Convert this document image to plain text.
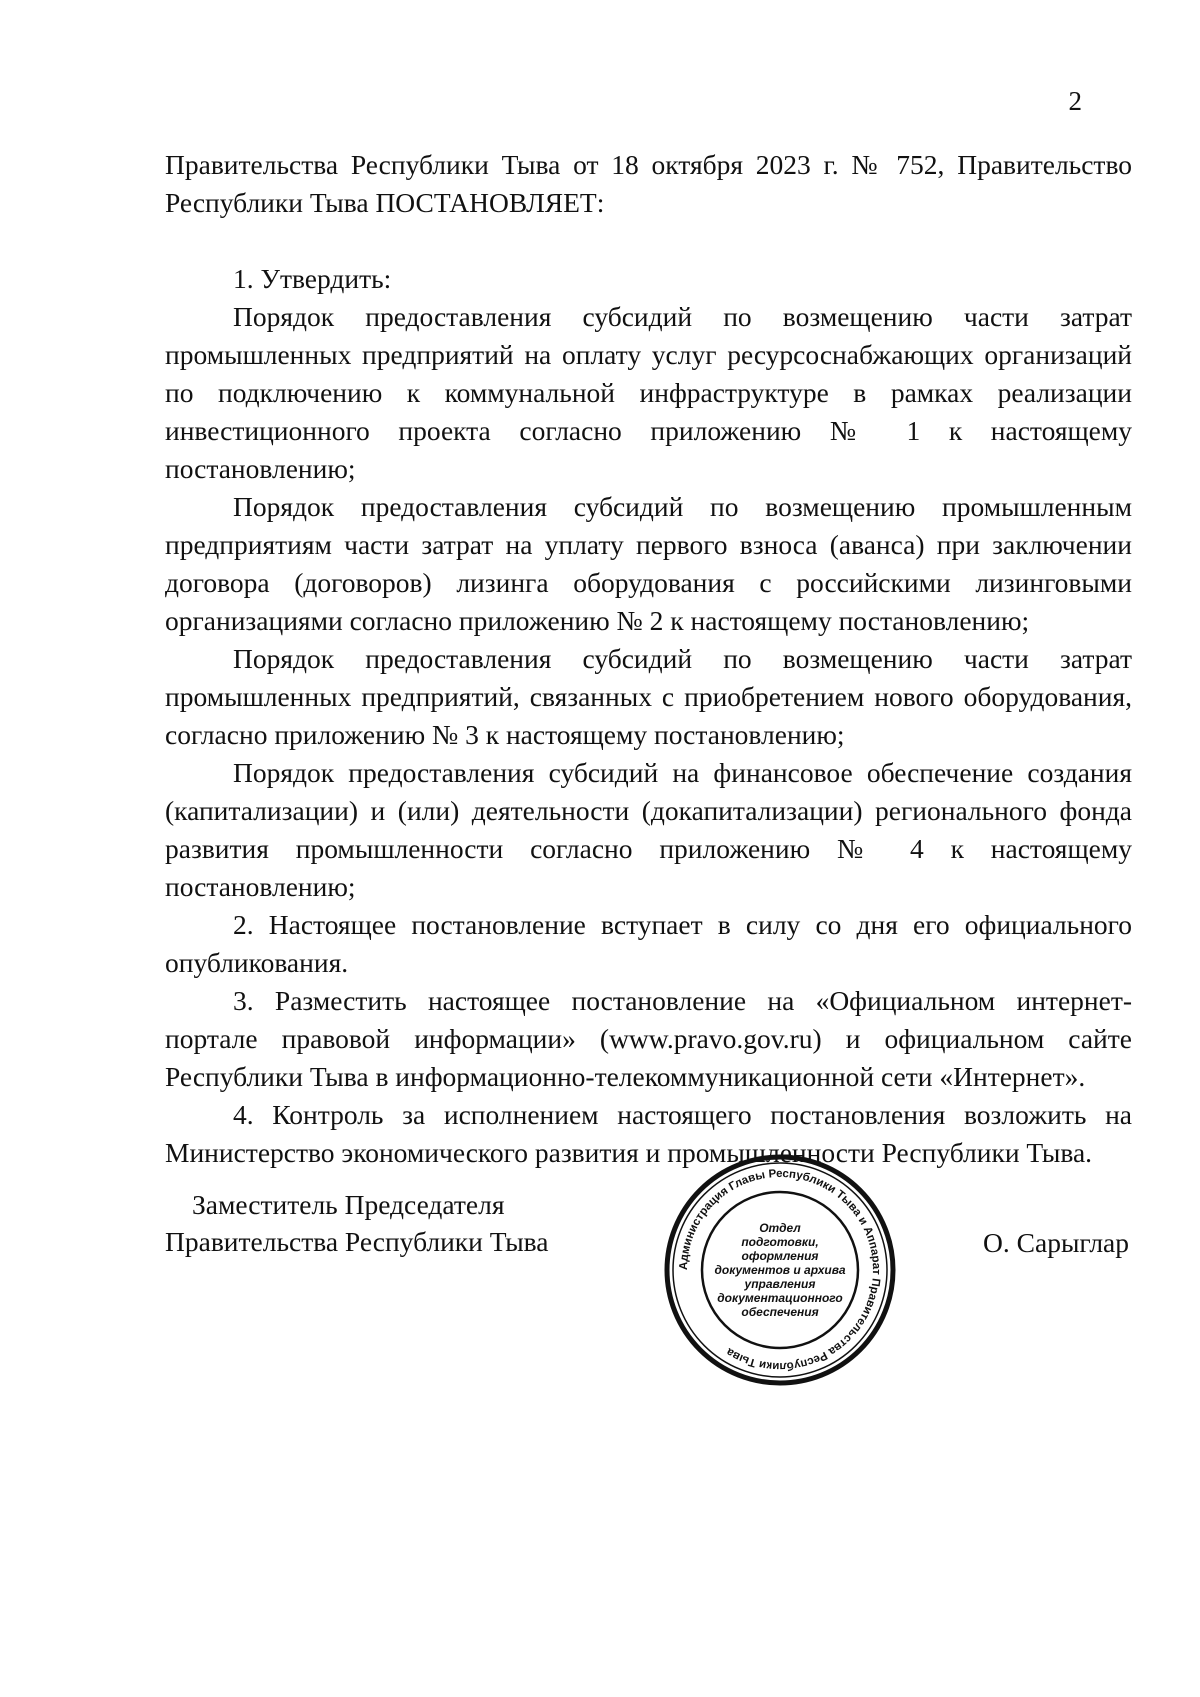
2

Правительства Республики Тыва от 18 октября 2023 г. № 752, Правительство Республики Тыва ПОСТАНОВЛЯЕТ:

1. Утвердить:

Порядок предоставления субсидий по возмещению части затрат промышленных предприятий на оплату услуг ресурсоснабжающих организаций по подключению к коммунальной инфраструктуре в рамках реализации инвестиционного проекта согласно приложению № 1 к настоящему постановлению;

Порядок предоставления субсидий по возмещению промышленным предприятиям части затрат на уплату первого взноса (аванса) при заключении договора (договоров) лизинга оборудования с российскими лизинговыми организациями согласно приложению № 2 к настоящему постановлению;

Порядок предоставления субсидий по возмещению части затрат промышленных предприятий, связанных с приобретением нового оборудования, согласно приложению № 3 к настоящему постановлению;

Порядок предоставления субсидий на финансовое обеспечение создания (капитализации) и (или) деятельности (докапитализации) регионального фонда развития промышленности согласно приложению № 4 к настоящему постановлению;

2. Настоящее постановление вступает в силу со дня его официального опубликования.

3. Разместить настоящее постановление на «Официальном интернет-портале правовой информации» (www.pravo.gov.ru) и официальном сайте Республики Тыва в информационно-телекоммуникационной сети «Интернет».

4. Контроль за исполнением настоящего постановления возложить на Министерство экономического развития и промышленности Республики Тыва.

Заместитель Председателя
Правительства Республики Тыва
Администрация Главы Республики Тыва и Аппарат Правительства Республики Тыва
Отдел
подготовки,
оформления
документов и архива
управления
документационного
обеспечения
О. Сарыглар
